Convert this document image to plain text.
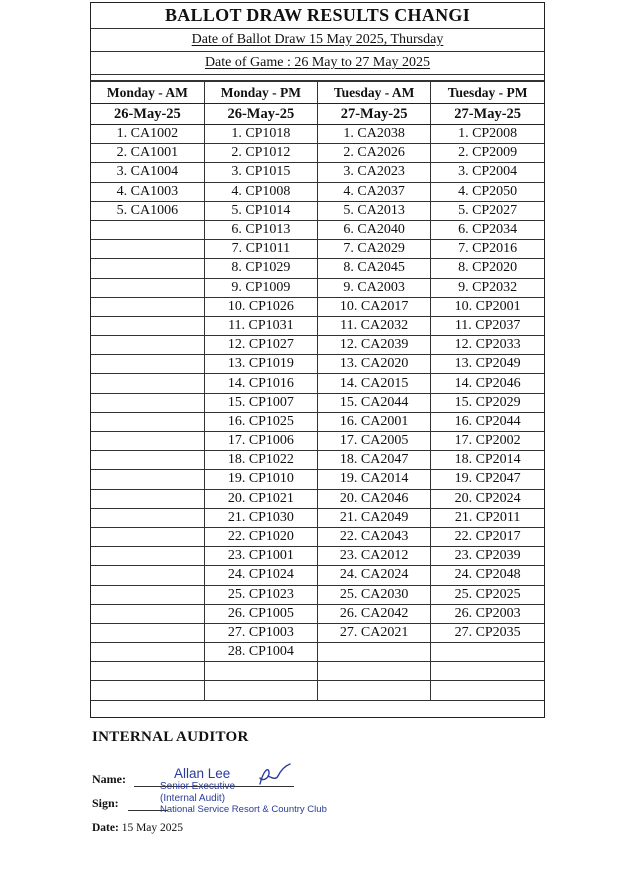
BALLOT DRAW RESULTS CHANGI
Date of Ballot Draw 15 May 2025, Thursday
Date of Game : 26 May to 27 May 2025
Monday - AM	Monday - PM	Tuesday - AM	Tuesday - PM
26-May-25	26-May-25	27-May-25	27-May-25
1. CA1002	1. CP1018	1. CA2038	1. CP2008
2. CA1001	2. CP1012	2. CA2026	2. CP2009
3. CA1004	3. CP1015	3. CA2023	3. CP2004
4. CA1003	4. CP1008	4. CA2037	4. CP2050
5. CA1006	5. CP1014	5. CA2013	5. CP2027
	6. CP1013	6. CA2040	6. CP2034
	7. CP1011	7. CA2029	7. CP2016
	8. CP1029	8. CA2045	8. CP2020
	9. CP1009	9. CA2003	9. CP2032
	10. CP1026	10. CA2017	10. CP2001
	11. CP1031	11. CA2032	11. CP2037
	12. CP1027	12. CA2039	12. CP2033
	13. CP1019	13. CA2020	13. CP2049
	14. CP1016	14. CA2015	14. CP2046
	15. CP1007	15. CA2044	15. CP2029
	16. CP1025	16. CA2001	16. CP2044
	17. CP1006	17. CA2005	17. CP2002
	18. CP1022	18. CA2047	18. CP2014
	19. CP1010	19. CA2014	19. CP2047
	20. CP1021	20. CA2046	20. CP2024
	21. CP1030	21. CA2049	21. CP2011
	22. CP1020	22. CA2043	22. CP2017
	23. CP1001	23. CA2012	23. CP2039
	24. CP1024	24. CA2024	24. CP2048
	25. CP1023	25. CA2030	25. CP2025
	26. CP1005	26. CA2042	26. CP2003
	27. CP1003	27. CA2021	27. CP2035
	28. CP1004		

INTERNAL AUDITOR
Name:	Allan Lee
Senior Executive
Sign:	(Internal Audit)
National Service Resort & Country Club
Date: 15 May 2025
